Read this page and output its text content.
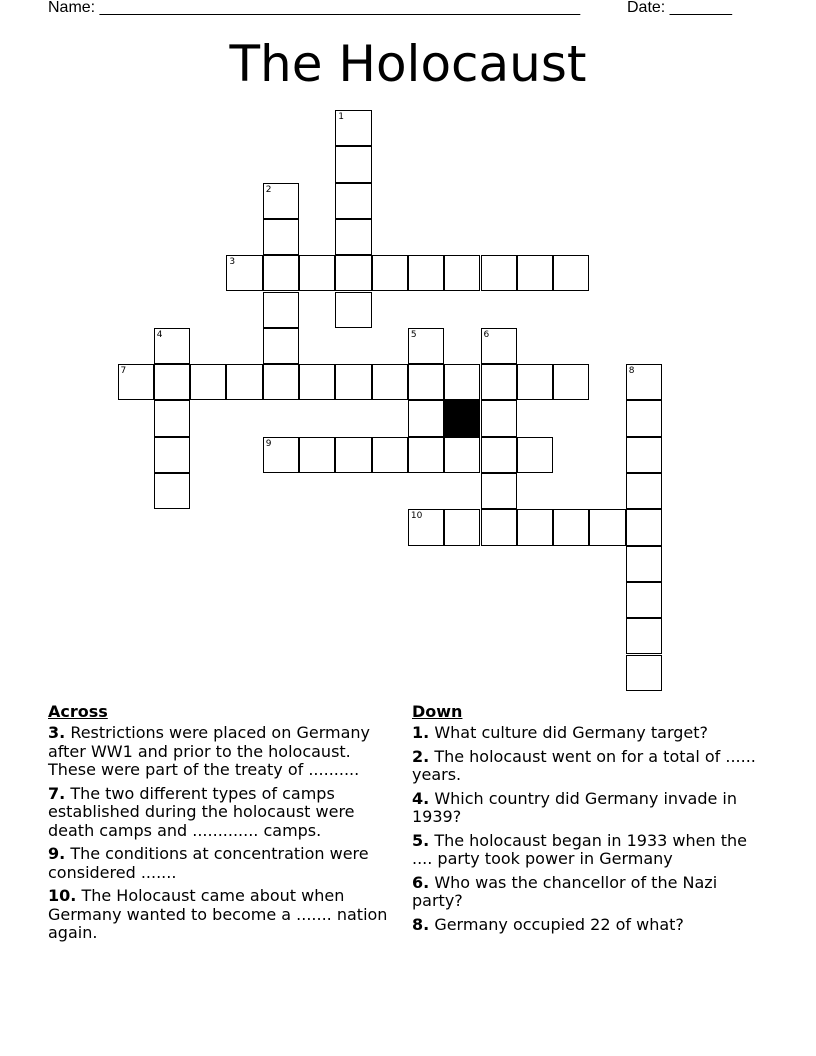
Name: ______________________________________________________

	Date: _______

The Holocaust
1
2
3
4	5	6
7	8
9
10
Across
3. Restrictions were placed on Germany after WW1 and prior to the holocaust. These were part of the treaty of ..........
7. The two different types of camps established during the holocaust were death camps and ............. camps.
9. The conditions at concentration were considered .......
10. The Holocaust came about when Germany wanted to become a ....... nation again.
Down
1. What culture did Germany target?
2. The holocaust went on for a total of ...... years.
4. Which country did Germany invade in 1939?
5. The holocaust began in 1933 when the .... party took power in Germany
6. Who was the chancellor of the Nazi party?
8. Germany occupied 22 of what?
